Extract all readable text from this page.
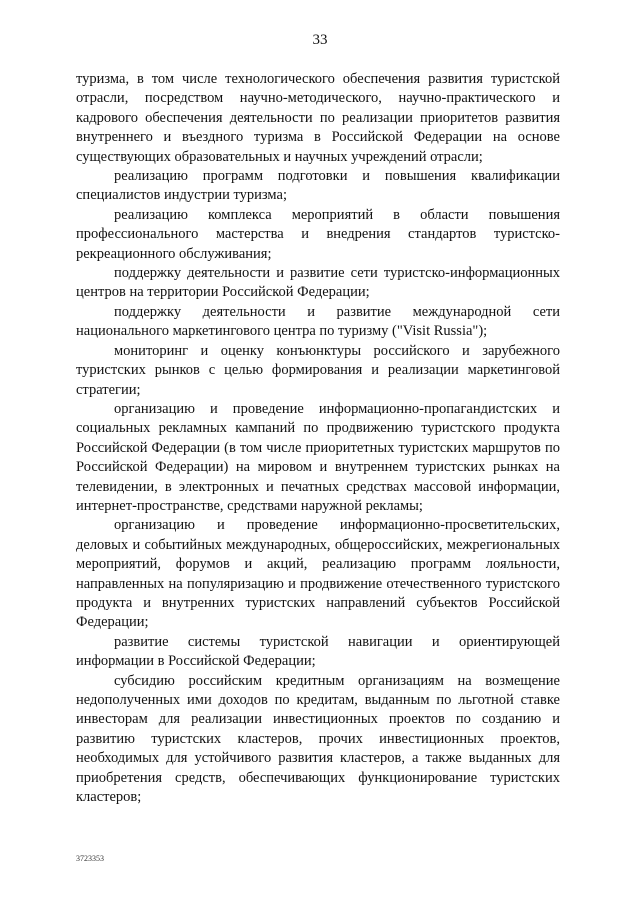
33

туризма, в том числе технологического обеспечения развития туристской отрасли, посредством научно-методического, научно-практического и кадрового обеспечения деятельности по реализации приоритетов развития внутреннего и въездного туризма в Российской Федерации на основе существующих образовательных и научных учреждений отрасли;

реализацию программ подготовки и повышения квалификации специалистов индустрии туризма;

реализацию комплекса мероприятий в области повышения профессионального мастерства и внедрения стандартов туристско-рекреационного обслуживания;

поддержку деятельности и развитие сети туристско-информационных центров на территории Российской Федерации;

поддержку деятельности и развитие международной сети национального маркетингового центра по туризму ("Visit Russia");

мониторинг и оценку конъюнктуры российского и зарубежного туристских рынков с целью формирования и реализации маркетинговой стратегии;

организацию и проведение информационно-пропагандистских и социальных рекламных кампаний по продвижению туристского продукта Российской Федерации (в том числе приоритетных туристских маршрутов по Российской Федерации) на мировом и внутреннем туристских рынках на телевидении, в электронных и печатных средствах массовой информации, интернет-пространстве, средствами наружной рекламы;

организацию и проведение информационно-просветительских, деловых и событийных международных, общероссийских, межрегиональных мероприятий, форумов и акций, реализацию программ лояльности, направленных на популяризацию и продвижение отечественного туристского продукта и внутренних туристских направлений субъектов Российской Федерации;

развитие системы туристской навигации и ориентирующей информации в Российской Федерации;

субсидию российским кредитным организациям на возмещение недополученных ими доходов по кредитам, выданным по льготной ставке инвесторам для реализации инвестиционных проектов по созданию и развитию туристских кластеров, прочих инвестиционных проектов, необходимых для устойчивого развития кластеров, а также выданных для приобретения средств, обеспечивающих функционирование туристских кластеров;

3723353
